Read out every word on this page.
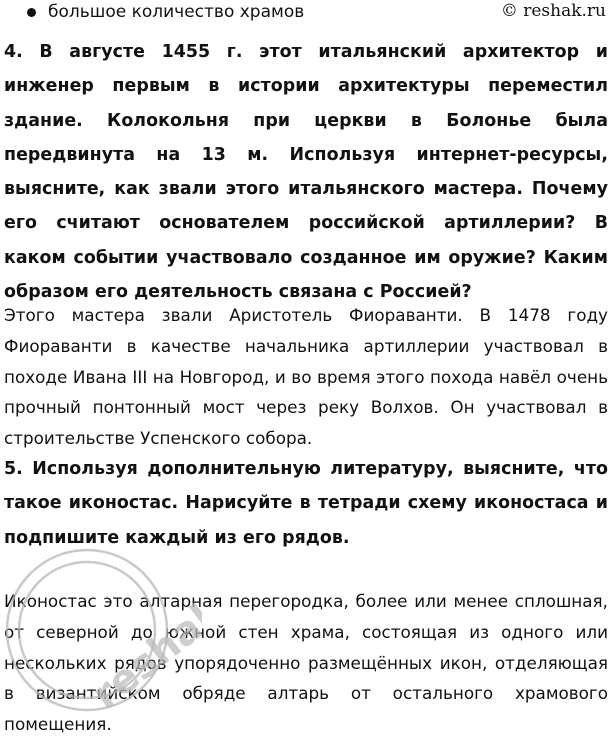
большое количество храмов	© reshak.ru
4. В августе 1455 г. этот итальянский архитектор и инженер первым в истории архитектуры переместил здание. Колокольня при церкви в Болонье была передвинута на 13 м. Используя интернет-ресурсы, выясните, как звали этого итальянского мастера. Почему его считают основателем российской артиллерии? В каком событии участвовало созданное им оружие? Каким образом его деятельность связана с Россией?
Этого мастера звали Аристотель Фиораванти. В 1478 году Фиораванти в качестве начальника артиллерии участвовал в походе Ивана III на Новгород, и во время этого похода навёл очень прочный понтонный мост через реку Волхов. Он участвовал в строительстве Успенского собора.
5. Используя дополнительную литературу, выясните, что такое иконостас. Нарисуйте в тетради схему иконостаса и подпишите каждый из его рядов.
Иконостас это алтарная перегородка, более или менее сплошная, от северной до южной стен храма, состоящая из одного или нескольких рядов упорядоченно размещённых икон, отделяющая в византийском обряде алтарь от остального храмового помещения.
reshak.ru
